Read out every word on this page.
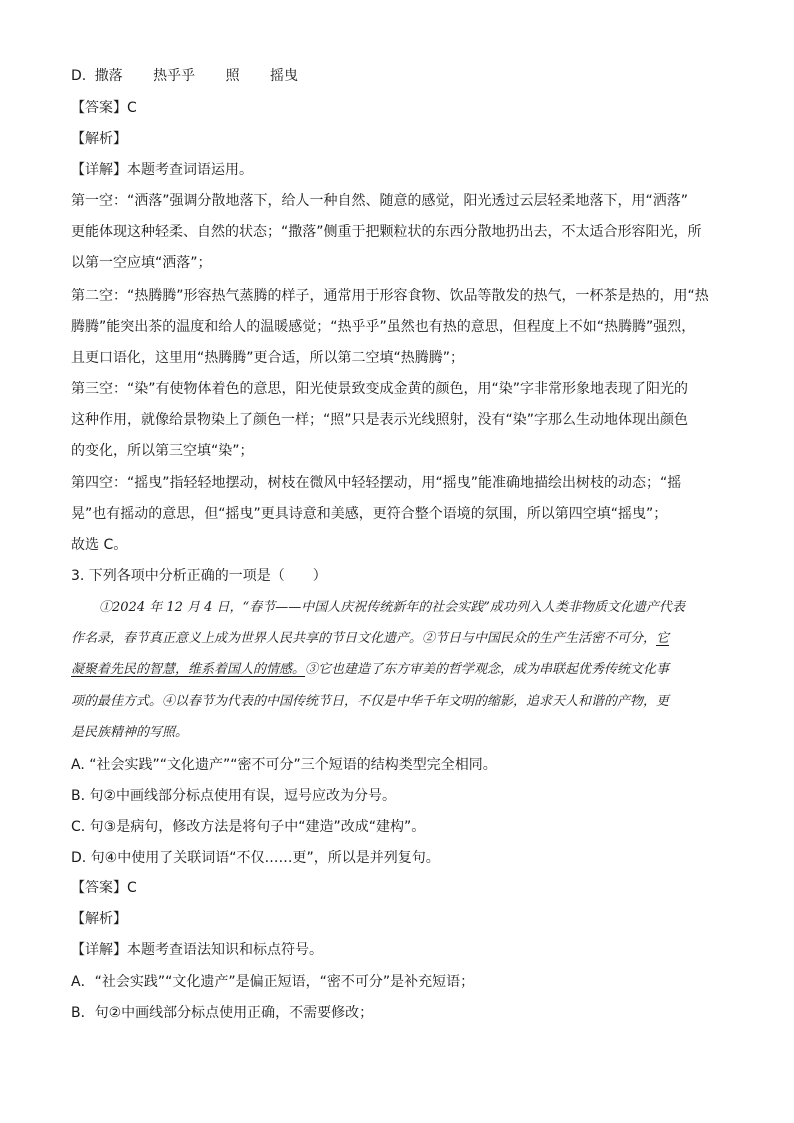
D. 撒落 热乎乎 照 摇曳
【答案】C
【解析】
【详解】本题考查词语运用。
第一空：“洒落”强调分散地落下，给人一种自然、随意的感觉，阳光透过云层轻柔地落下，用“洒落”
更能体现这种轻柔、自然的状态；“撒落”侧重于把颗粒状的东西分散地扔出去，不太适合形容阳光，所
以第一空应填“洒落”；
第二空：“热腾腾”形容热气蒸腾的样子，通常用于形容食物、饮品等散发的热气，一杯茶是热的，用“热
腾腾”能突出茶的温度和给人的温暖感觉；“热乎乎”虽然也有热的意思，但程度上不如“热腾腾”强烈，
且更口语化，这里用“热腾腾”更合适，所以第二空填“热腾腾”；
第三空：“染”有使物体着色的意思，阳光使景致变成金黄的颜色，用“染”字非常形象地表现了阳光的
这种作用，就像给景物染上了颜色一样；“照”只是表示光线照射，没有“染”字那么生动地体现出颜色
的变化，所以第三空填“染”；
第四空：“摇曳”指轻轻地摆动，树枝在微风中轻轻摆动，用“摇曳”能准确地描绘出树枝的动态；“摇
晃”也有摇动的意思，但“摇曳”更具诗意和美感，更符合整个语境的氛围，所以第四空填“摇曳”；
故选 C。
3. 下列各项中分析正确的一项是（　　）
①2024 年 12 月 4 日，“春节——中国人庆祝传统新年的社会实践”成功列入人类非物质文化遗产代表
作名录，春节真正意义上成为世界人民共享的节日文化遗产。②节日与中国民众的生产生活密不可分，它
凝聚着先民的智慧，维系着国人的情感。③它也建造了东方审美的哲学观念，成为串联起优秀传统文化事
项的最佳方式。④以春节为代表的中国传统节日，不仅是中华千年文明的缩影，追求天人和谐的产物，更
是民族精神的写照。
A. “社会实践”“文化遗产”“密不可分”三个短语的结构类型完全相同。
B. 句②中画线部分标点使用有误，逗号应改为分号。
C. 句③是病句，修改方法是将句子中“建造”改成“建构”。
D. 句④中使用了关联词语“不仅……更”，所以是并列复句。
【答案】C
【解析】
【详解】本题考查语法知识和标点符号。
A．“社会实践”“文化遗产”是偏正短语，“密不可分”是补充短语；
B．句②中画线部分标点使用正确，不需要修改；
